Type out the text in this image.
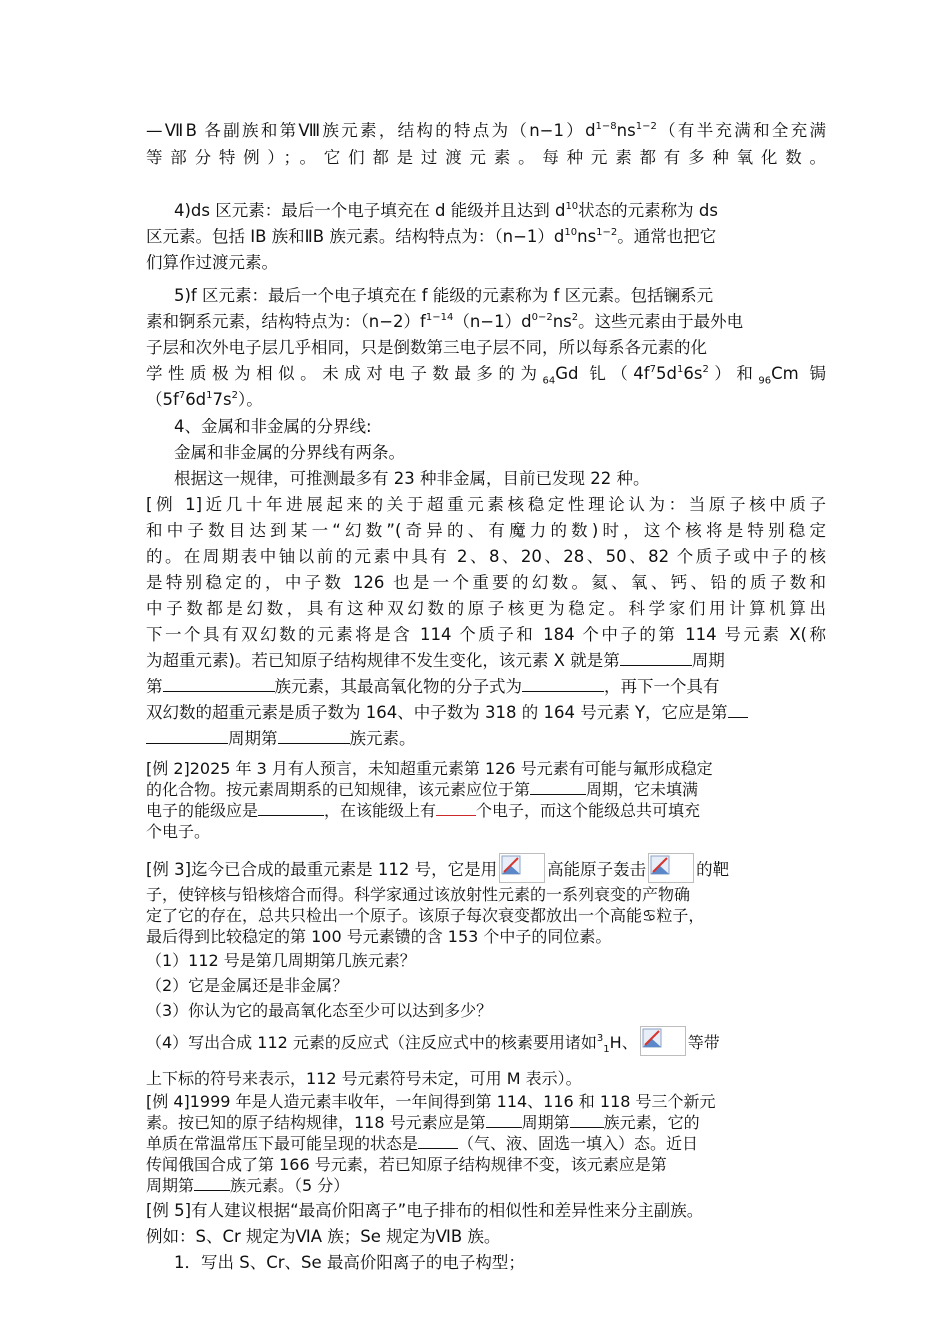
—ⅦB 各副族和第Ⅷ族元素，结构的特点为$(n-1)d^{1-8}ns^{1-2}$（有半充满和全充满
等部分特例）；。它们都是过渡元素。每种元素都有多种氧化数。
4)ds 区元素：最后一个电子填充在 d 能级并且达到 $d^{10}$状态的元素称为 ds
区元素。包括 IB 族和ⅡB 族元素。结构特点为：$(n-1)d^{10}ns^{1-2}$。通常也把它
们算作过渡元素。
5)f 区元素：最后一个电子填充在 f 能级的元素称为 f 区元素。包括镧系元
素和锕系元素，结构特点为：$(n-2)f^{1-14}(n-1)d^{0-2}ns^2$。这些元素由于最外电
子层和次外电子层几乎相同，只是倒数第三电子层不同，所以每系各元素的化
学性质极为相似。未成对电子数最多的为$_{64}$Gd 钆$(4f^75d^16s^2)$和$_{96}$Cm 锔
$(5f^76d^17s^2)$。
4、金属和非金属的分界线:
金属和非金属的分界线有两条。
根据这一规律，可推测最多有 23 种非金属，目前已发现 22 种。
[例 1]近几十年进展起来的关于超重元素核稳定性理论认为：当原子核中质子
和中子数目达到某一“幻数”(奇异的、有魔力的数)时，这个核将是特别稳定
的。在周期表中铀以前的元素中具有 2、8、20、28、50、82 个质子或中子的核
是特别稳定的，中子数 126 也是一个重要的幻数。氦、氧、钙、铅的质子数和
中子数都是幻数，具有这种双幻数的原子核更为稳定。科学家们用计算机算出
下一个具有双幻数的元素将是含 114 个质子和 184 个中子的第 114 号元素 X(称
为超重元素)。若已知原子结构规律不发生变化，该元素 X 就是第	周期
第	族元素，其最高氧化物的分子式为	，再下一个具有
双幻数的超重元素是质子数为 164、中子数为 318 的 164 号元素 Y，它应是第
周期第	族元素。
[例 2]2025 年 3 月有人预言，未知超重元素第 126 号元素有可能与氟形成稳定
的化合物。按元素周期系的已知规律，该元素应位于第	周期，它未填满
电子的能级应是	，在该能级上有	个电子，而这个能级总共可填充
个电子。
[例 3]迄今已合成的最重元素是 112 号，它是用	高能原子轰击	的靶
子，使锌核与铅核熔合而得。科学家通过该放射性元素的一系列衰变的产物确
定了它的存在，总共只检出一个原子。该原子每次衰变都放出一个高能♋粒子，
最后得到比较稳定的第 100 号元素镄的含 153 个中子的同位素。
（1）112 号是第几周期第几族元素？
（2）它是金属还是非金属？
（3）你认为它的最高氧化态至少可以达到多少？
（4）写出合成 112 元素的反应式（注反应式中的核素要用诸如$^3_1$H、	等带
上下标的符号来表示，112 号元素符号未定，可用 M 表示）。
[例 4]1999 年是人造元素丰收年，一年间得到第 114、116 和 118 号三个新元
素。按已知的原子结构规律，118 号元素应是第 周期第 族元素，它的
单质在常温常压下最可能呈现的状态是	（气、液、固选一填入）态。近日
传闻俄国合成了第 166 号元素，若已知原子结构规律不变，该元素应是第
周期第 族元素。（5 分）
[例 5]有人建议根据“最高价阳离子”电子排布的相似性和差异性来分主副族。
例如：S、Cr 规定为ⅥA 族；Se 规定为ⅥB 族。
1．写出 S、Cr、Se 最高价阳离子的电子构型；
